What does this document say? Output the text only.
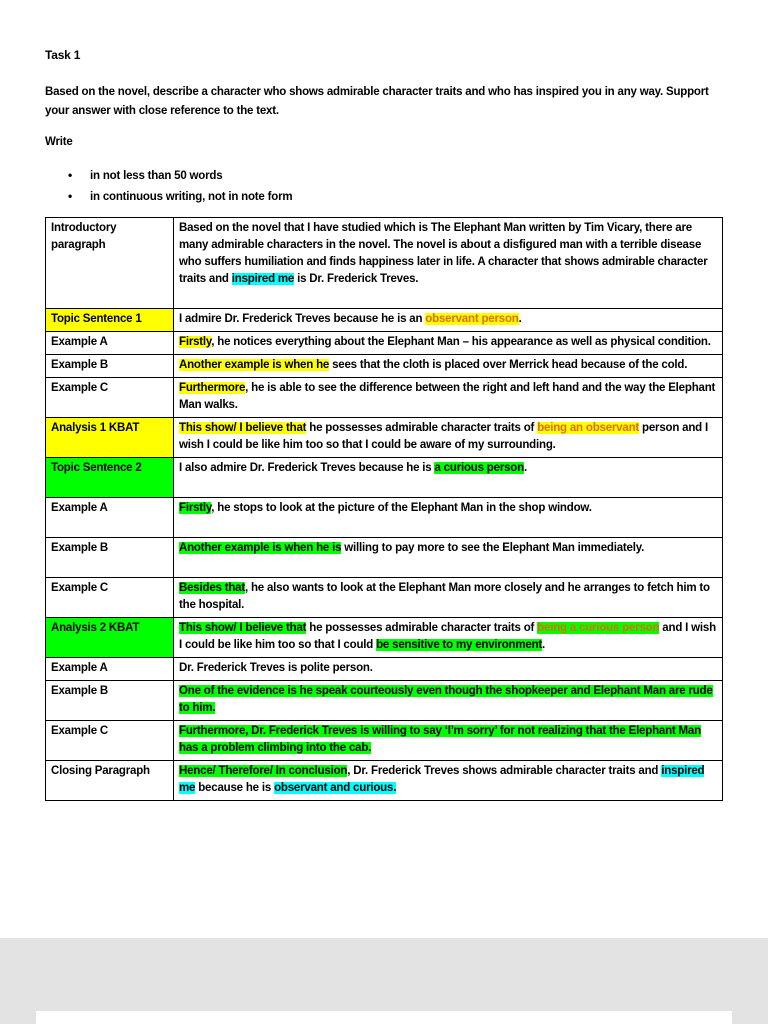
Task 1

Based on the novel, describe a character who shows admirable character traits and who has inspired you in any way. Support your answer with close reference to the text.

Write

• in not less than 50 words
• in continuous writing, not in note form
Introductory paragraph	Based on the novel that I have studied which is The Elephant Man written by Tim Vicary, there are many admirable characters in the novel. The novel is about a disfigured man with a terrible disease who suffers humiliation and finds happiness later in life. A character that shows admirable character traits and inspired me is Dr. Frederick Treves.

Topic Sentence 1	I admire Dr. Frederick Treves because he is an observant person.
Example A	Firstly, he notices everything about the Elephant Man – his appearance as well as physical condition.
Example B	Another example is when he sees that the cloth is placed over Merrick head because of the cold.
Example C	Furthermore, he is able to see the difference between the right and left hand and the way the Elephant Man walks.
Analysis 1 KBAT	This show/ I believe that he possesses admirable character traits of being an observant person and I wish I could be like him too so that I could be aware of my surrounding.
Topic Sentence 2	I also admire Dr. Frederick Treves because he is a curious person.

Example A	Firstly, he stops to look at the picture of the Elephant Man in the shop window.

Example B	Another example is when he is willing to pay more to see the Elephant Man immediately.

Example C	Besides that, he also wants to look at the Elephant Man more closely and he arranges to fetch him to the hospital.
Analysis 2 KBAT	This show/ I believe that he possesses admirable character traits of being a curious person and I wish I could be like him too so that I could be sensitive to my environment.
Example A	Dr. Frederick Treves is polite person.
Example B	One of the evidence is he speak courteously even though the shopkeeper and Elephant Man are rude to him.
Example C	Furthermore, Dr. Frederick Treves is willing to say ‘I’m sorry’ for not realizing that the Elephant Man has a problem climbing into the cab.
Closing Paragraph	Hence/ Therefore/ In conclusion, Dr. Frederick Treves shows admirable character traits and inspired me because he is observant and curious.
